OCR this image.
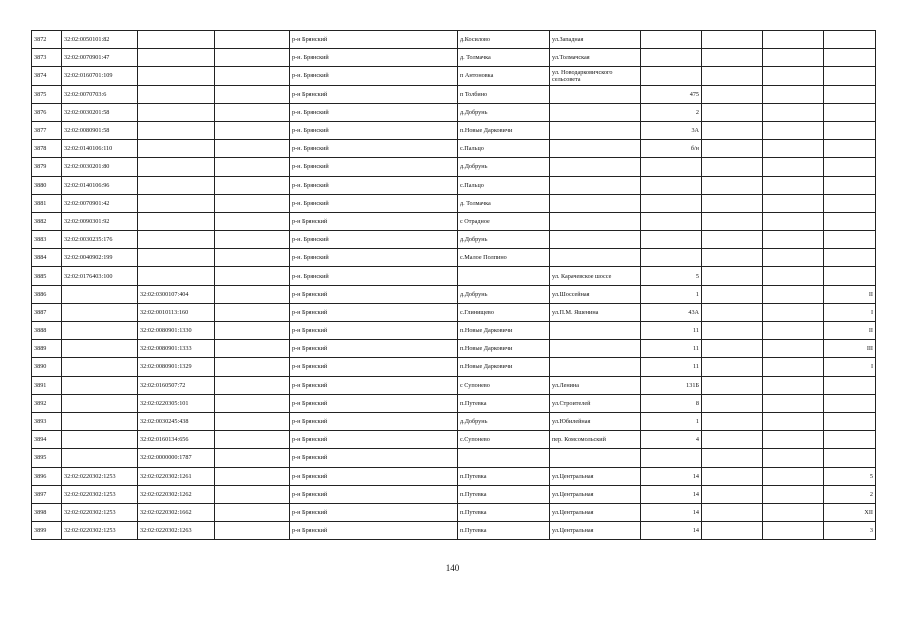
3872	32:02:0050101:82			р-н Брянский	д.Косилово	ул.Западная				
3873	32:02:0070901:47			р-н. Брянский	д. Толмачка	ул.Толмачская				
3874	32:02:0160701:109			р-н. Брянский	п Антоновка	ул. Новодарковичского сельсовета				
3875	32:02:0070703:6			р-н Брянский	п Толбино		475			
3876	32:02:0030201:58			р-н. Брянский	д.Добрунь		2			
3877	32:02:0080901:58			р-н. Брянский	п.Новые Дарковичи		3А			
3878	32:02:0140106:110			р-н. Брянский	с.Пальцо		б/н			
3879	32:02:0030201:80			р-н. Брянский	д.Добрунь					
3880	32:02:0140106:96			р-н. Брянский	с.Пальцо					
3881	32:02:0070901:42			р-н. Брянский	д. Толмачка					
3882	32:02:0090301:92			р-н Брянский	с Отрадное					
3883	32:02:0030235:176			р-н. Брянский	д.Добрунь					
3884	32:02:0040902:199			р-н. Брянский	с.Малое Полпино					
3885	32:02:0176403:100			р-н. Брянский		ул. Карачевское шоссе	5			
3886		32:02:0300107:404		р-н Брянский	д.Добрунь	ул.Шоссейная	1			II
3887		32:02:0010113:160		р-н Брянский	с.Глинищево	ул.П.М. Яшенина	43А			I
3888		32:02:0080901:1330		р-н Брянский	п.Новые Дарковичи		11			II
3889		32:02:0080901:1333		р-н Брянский	п.Новые Дарковичи		11			III
3890		32:02:0080901:1329		р-н Брянский	п.Новые Дарковичи		11			I
3891		32:02:0160507:72		р-н Брянский	с Супонево	ул.Ленина	131Б			
3892		32:02:0220305:101		р-н Брянский	п.Путевка	ул.Строителей	8			
3893		32:02:0030245:438		р-н Брянский	д.Добрунь	ул.Юбилейная	1			
3894		32:02:0160134:656		р-н Брянский	с.Супонево	пер. Комсомольский	4			
3895		32:02:0000000:1787		р-н Брянский						
3896	32:02:0220302:1253	32:02:0220302:1261		р-н Брянский	п.Путевка	ул.Центральная	14			5
3897	32:02:0220302:1253	32:02:0220302:1262		р-н Брянский	п.Путевка	ул.Центральная	14			2
3898	32:02:0220302:1253	32:02:0220302:1662		р-н Брянский	п.Путевка	ул.Центральная	14			XII
3899	32:02:0220302:1253	32:02:0220302:1263		р-н Брянский	п.Путевка	ул.Центральная	14			3
140
